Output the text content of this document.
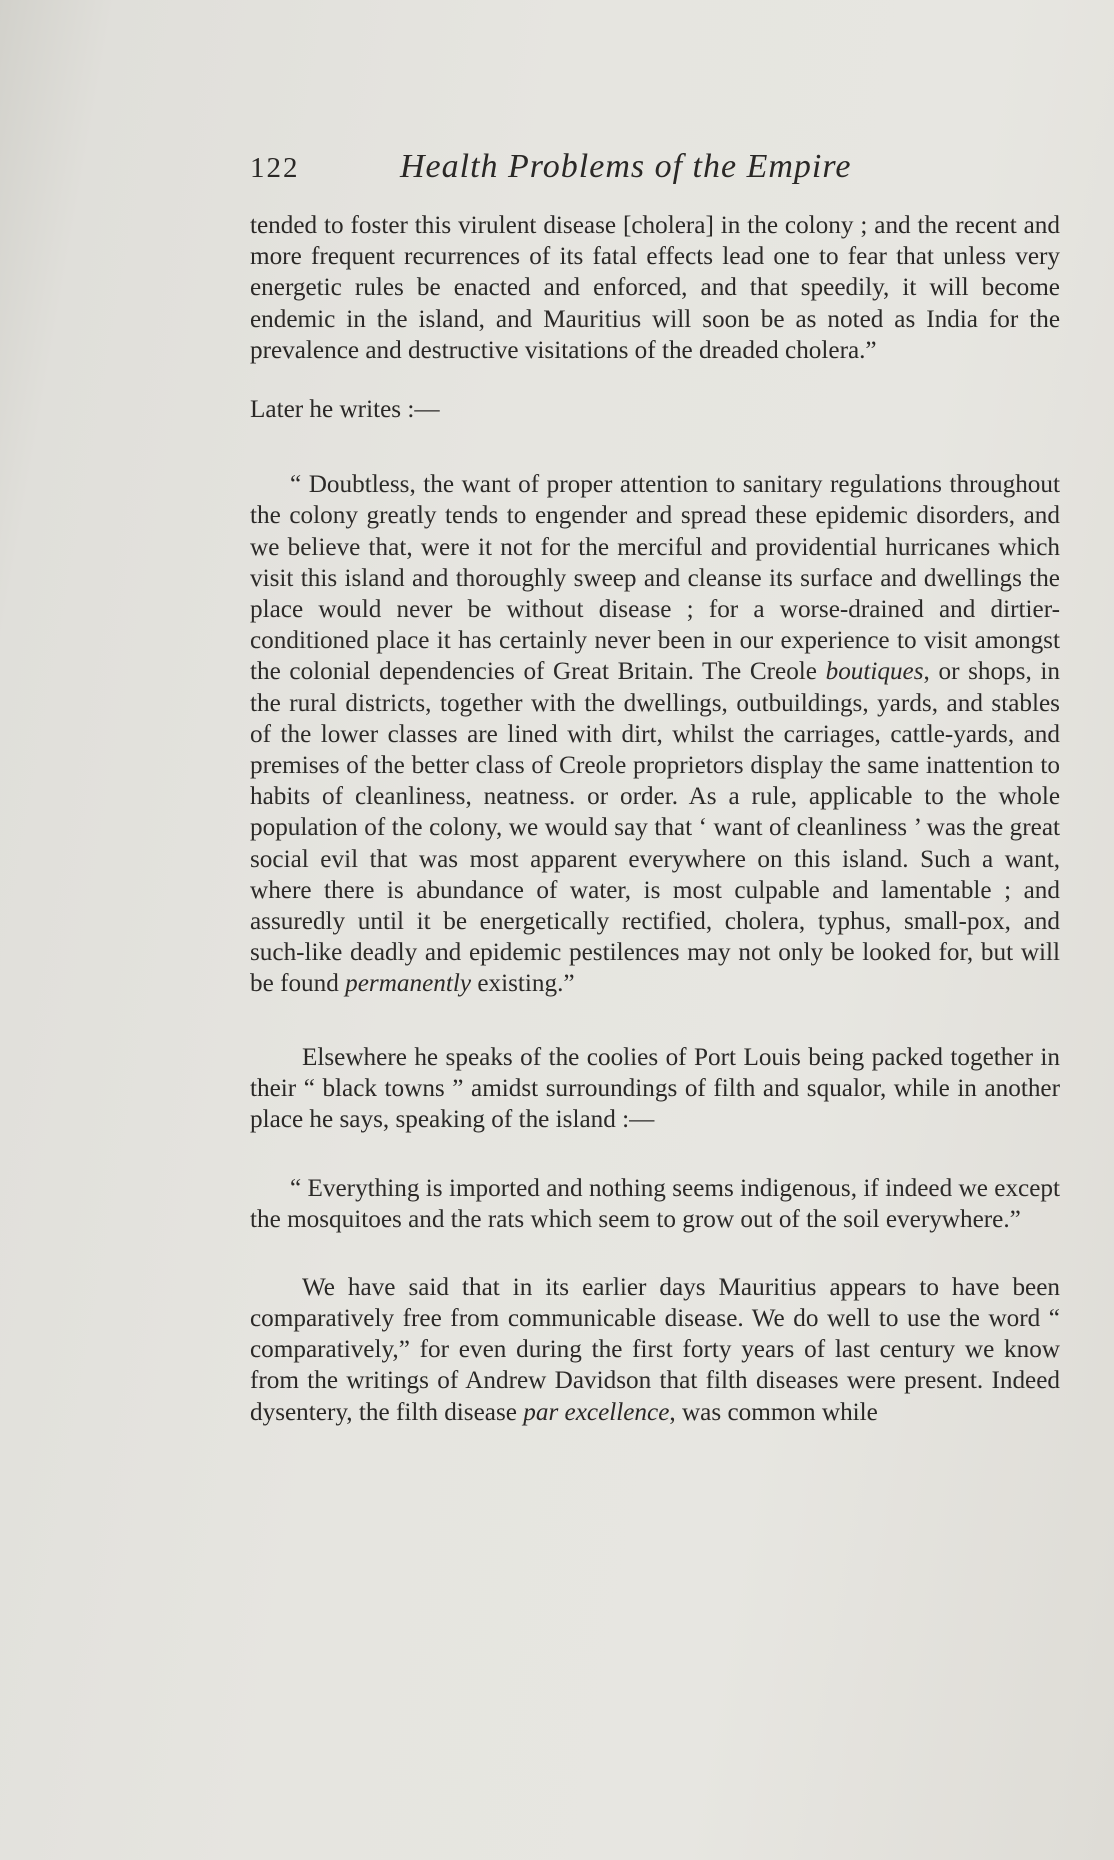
122	Health Problems of the Empire

tended to foster this virulent disease [cholera] in the colony ; and the recent and more frequent recurrences of its fatal effects lead one to fear that unless very energetic rules be enacted and enforced, and that speedily, it will become endemic in the island, and Mauritius will soon be as noted as India for the prevalence and destructive visitations of the dreaded cholera.”

Later he writes :—

“ Doubtless, the want of proper attention to sanitary regulations throughout the colony greatly tends to engender and spread these epidemic disorders, and we believe that, were it not for the merciful and providential hurricanes which visit this island and thoroughly sweep and cleanse its surface and dwellings the place would never be without disease ; for a worse-drained and dirtier-conditioned place it has certainly never been in our experience to visit amongst the colonial dependencies of Great Britain. The Creole boutiques, or shops, in the rural districts, together with the dwellings, outbuildings, yards, and stables of the lower classes are lined with dirt, whilst the carriages, cattle-yards, and premises of the better class of Creole proprietors display the same inattention to habits of cleanliness, neatness. or order. As a rule, applicable to the whole population of the colony, we would say that ‘ want of cleanliness ’ was the great social evil that was most apparent everywhere on this island. Such a want, where there is abundance of water, is most culpable and lamentable ; and assuredly until it be energetically rectified, cholera, typhus, small-pox, and such-like deadly and epidemic pestilences may not only be looked for, but will be found permanently existing.”

Elsewhere he speaks of the coolies of Port Louis being packed together in their “ black towns ” amidst surroundings of filth and squalor, while in another place he says, speaking of the island :—

“ Everything is imported and nothing seems indigenous, if indeed we except the mosquitoes and the rats which seem to grow out of the soil everywhere.”

We have said that in its earlier days Mauritius appears to have been comparatively free from communicable disease. We do well to use the word “ comparatively,” for even during the first forty years of last century we know from the writings of Andrew Davidson that filth diseases were present. Indeed dysentery, the filth disease par excellence, was common while
